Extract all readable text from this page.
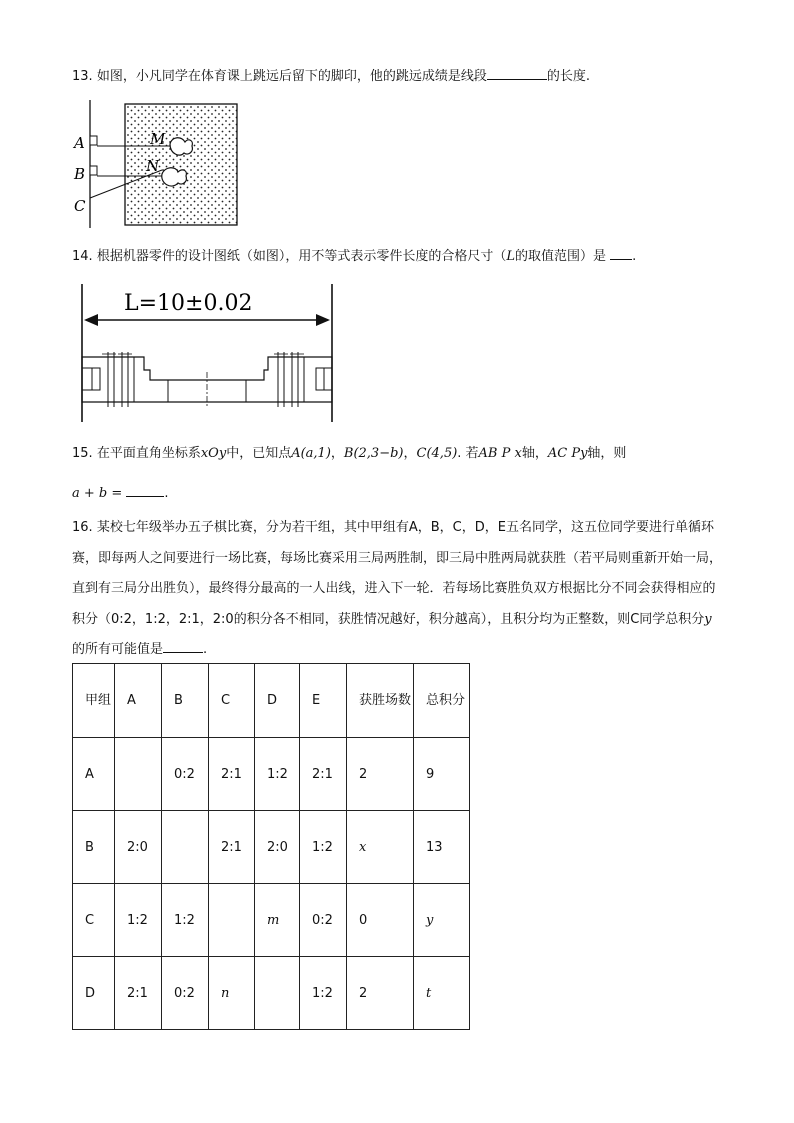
13. 如图，小凡同学在体育课上跳远后留下的脚印，他的跳远成绩是线段	的长度.
A
B
C
M
N
14. 根据机器零件的设计图纸（如图），用不等式表示零件长度的合格尺寸（L的取值范围）是 .
L=10±0.02
15. 在平面直角坐标系xOy中，已知点A(a,1)，B(2,3−b)，C(4,5). 若AB P x轴，AC Py轴，则
a + b =	.
16. 某校七年级举办五子棋比赛，分为若干组，其中甲组有A，B，C，D，E五名同学，这五位同学要进行单循环赛，即每两人之间要进行一场比赛，每场比赛采用三局两胜制，即三局中胜两局就获胜（若平局则重新开始一局，直到有三局分出胜负），最终得分最高的一人出线，进入下一轮．若每场比赛胜负双方根据比分不同会获得相应的积分（0:2，1:2，2:1，2:0的积分各不相同，获胜情况越好，积分越高），且积分均为正整数，则C同学总积分y的所有可能值是	.
甲组	A	B	C	D	E	获胜场数	总积分
A		0:2	2:1	1:2	2:1	2	9
B	2:0		2:1	2:0	1:2	x	13
C	1:2	1:2		m	0:2	0	y
D	2:1	0:2	n		1:2	2	t
